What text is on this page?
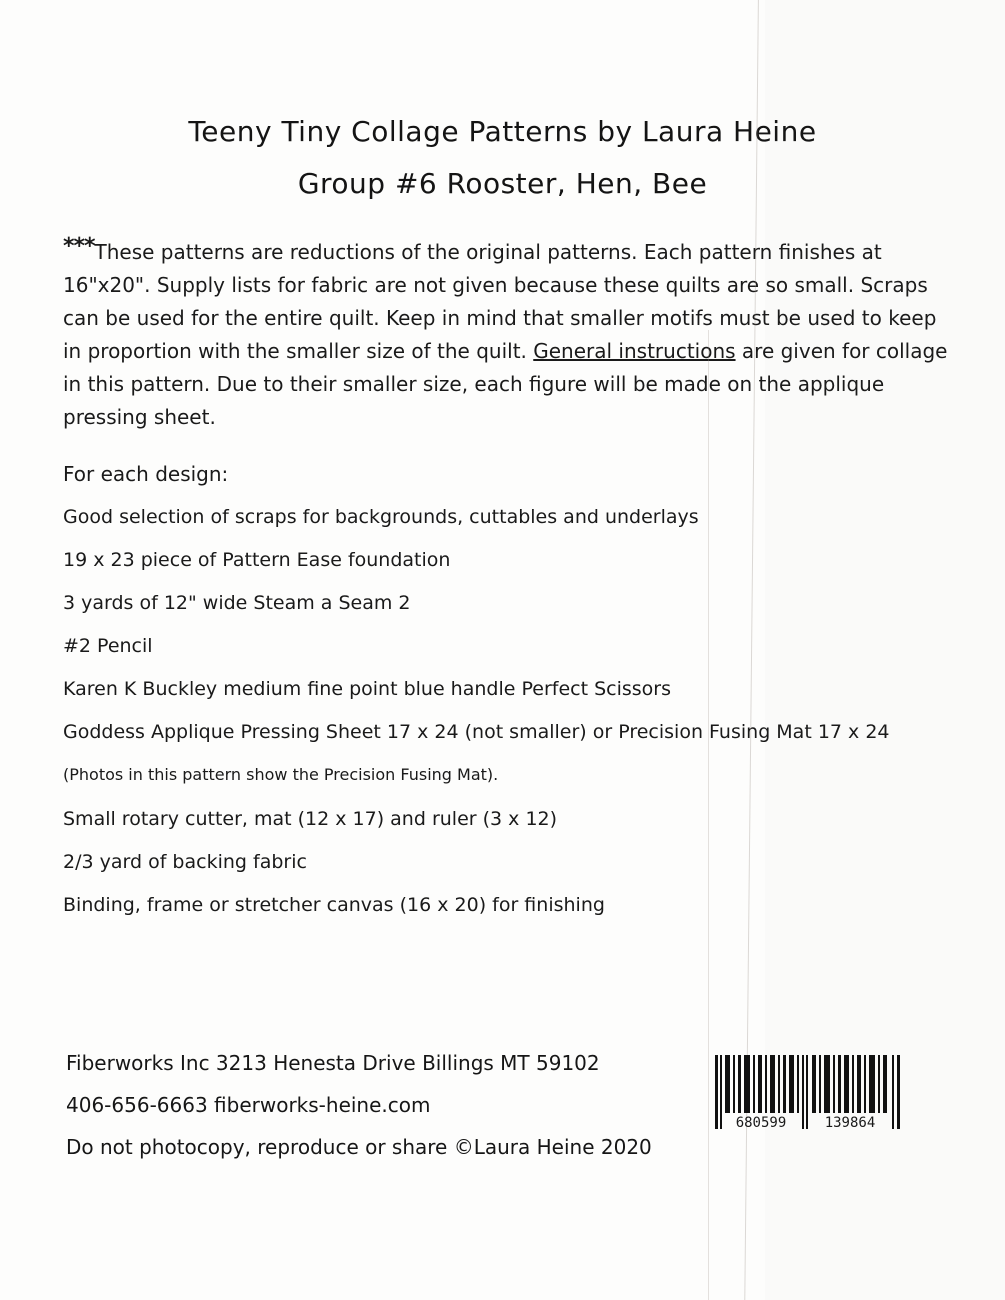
Teeny Tiny Collage Patterns by Laura Heine
Group #6 Rooster, Hen, Bee

***These patterns are reductions of the original patterns. Each pattern finishes at 16"x20". Supply lists for fabric are not given because these quilts are so small. Scraps can be used for the entire quilt. Keep in mind that smaller motifs must be used to keep in proportion with the smaller size of the quilt. General instructions are given for collage in this pattern. Due to their smaller size, each figure will be made on the applique pressing sheet.

For each design:
Good selection of scraps for backgrounds, cuttables and underlays
19 x 23 piece of Pattern Ease foundation
3 yards of 12" wide Steam a Seam 2
#2 Pencil
Karen K Buckley medium fine point blue handle Perfect Scissors
Goddess Applique Pressing Sheet 17 x 24 (not smaller) or Precision Fusing Mat 17 x 24
(Photos in this pattern show the Precision Fusing Mat).
Small rotary cutter, mat (12 x 17) and ruler (3 x 12)
2/3 yard of backing fabric
Binding, frame or stretcher canvas (16 x 20) for finishing
Fiberworks Inc 3213 Henesta Drive Billings MT 59102
406-656-6663 fiberworks-heine.com
Do not photocopy, reproduce or share ©Laura Heine 2020
680599	139864
